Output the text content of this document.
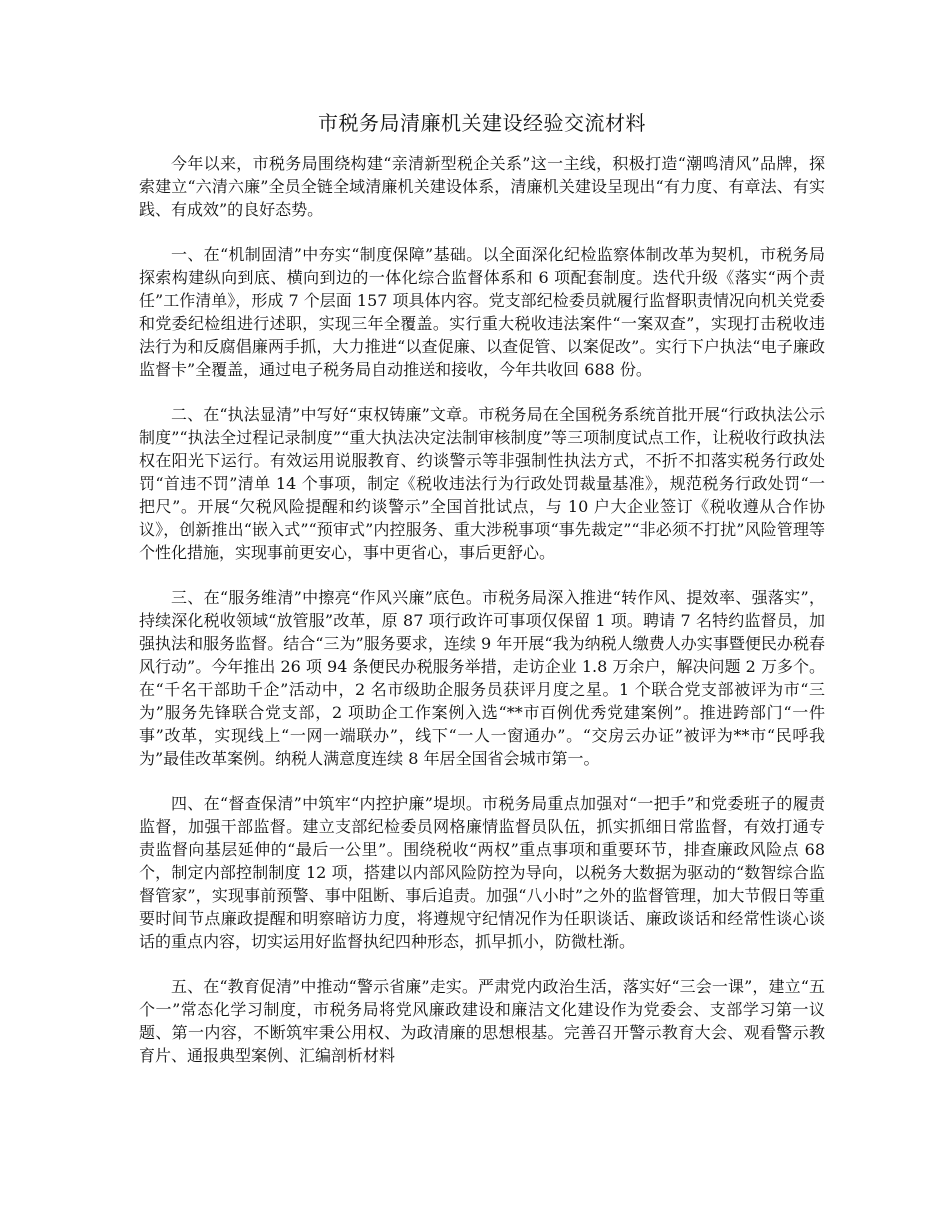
市税务局清廉机关建设经验交流材料

今年以来，市税务局围绕构建“亲清新型税企关系”这一主线，积极打造“潮鸣清风”品牌，探索建立“六清六廉”全员全链全域清廉机关建设体系，清廉机关建设呈现出“有力度、有章法、有实践、有成效”的良好态势。

一、在“机制固清”中夯实“制度保障”基础。以全面深化纪检监察体制改革为契机，市税务局探索构建纵向到底、横向到边的一体化综合监督体系和 6 项配套制度。迭代升级《落实“两个责任”工作清单》，形成 7 个层面 157 项具体内容。党支部纪检委员就履行监督职责情况向机关党委和党委纪检组进行述职，实现三年全覆盖。实行重大税收违法案件“一案双查”，实现打击税收违法行为和反腐倡廉两手抓，大力推进“以查促廉、以查促管、以案促改”。实行下户执法“电子廉政监督卡”全覆盖，通过电子税务局自动推送和接收，今年共收回 688 份。

二、在“执法显清”中写好“束权铸廉”文章。市税务局在全国税务系统首批开展“行政执法公示制度”“执法全过程记录制度”“重大执法决定法制审核制度”等三项制度试点工作，让税收行政执法权在阳光下运行。有效运用说服教育、约谈警示等非强制性执法方式，不折不扣落实税务行政处罚“首违不罚”清单 14 个事项，制定《税收违法行为行政处罚裁量基准》，规范税务行政处罚“一把尺”。开展“欠税风险提醒和约谈警示”全国首批试点，与 10 户大企业签订《税收遵从合作协议》，创新推出“嵌入式”“预审式”内控服务、重大涉税事项“事先裁定”“非必须不打扰”风险管理等个性化措施，实现事前更安心，事中更省心，事后更舒心。

三、在“服务维清”中擦亮“作风兴廉”底色。市税务局深入推进“转作风、提效率、强落实”，持续深化税收领域“放管服”改革，原 87 项行政许可事项仅保留 1 项。聘请 7 名特约监督员，加强执法和服务监督。结合“三为”服务要求，连续 9 年开展“我为纳税人缴费人办实事暨便民办税春风行动”。今年推出 26 项 94 条便民办税服务举措，走访企业 1.8 万余户，解决问题 2 万多个。在“千名干部助千企”活动中，2 名市级助企服务员获评月度之星。1 个联合党支部被评为市“三为”服务先锋联合党支部，2 项助企工作案例入选“**市百例优秀党建案例”。推进跨部门“一件事”改革，实现线上“一网一端联办”，线下“一人一窗通办”。“交房云办证”被评为**市“民呼我为”最佳改革案例。纳税人满意度连续 8 年居全国省会城市第一。

四、在“督查保清”中筑牢“内控护廉”堤坝。市税务局重点加强对“一把手”和党委班子的履责监督，加强干部监督。建立支部纪检委员网格廉情监督员队伍，抓实抓细日常监督，有效打通专责监督向基层延伸的“最后一公里”。围绕税收“两权”重点事项和重要环节，排查廉政风险点 68 个，制定内部控制制度 12 项，搭建以内部风险防控为导向，以税务大数据为驱动的“数智综合监督管家”，实现事前预警、事中阻断、事后追责。加强“八小时”之外的监督管理，加大节假日等重要时间节点廉政提醒和明察暗访力度，将遵规守纪情况作为任职谈话、廉政谈话和经常性谈心谈话的重点内容，切实运用好监督执纪四种形态，抓早抓小，防微杜渐。

五、在“教育促清”中推动“警示省廉”走实。严肃党内政治生活，落实好“三会一课”，建立“五个一”常态化学习制度，市税务局将党风廉政建设和廉洁文化建设作为党委会、支部学习第一议题、第一内容，不断筑牢秉公用权、为政清廉的思想根基。完善召开警示教育大会、观看警示教育片、通报典型案例、汇编剖析材料
